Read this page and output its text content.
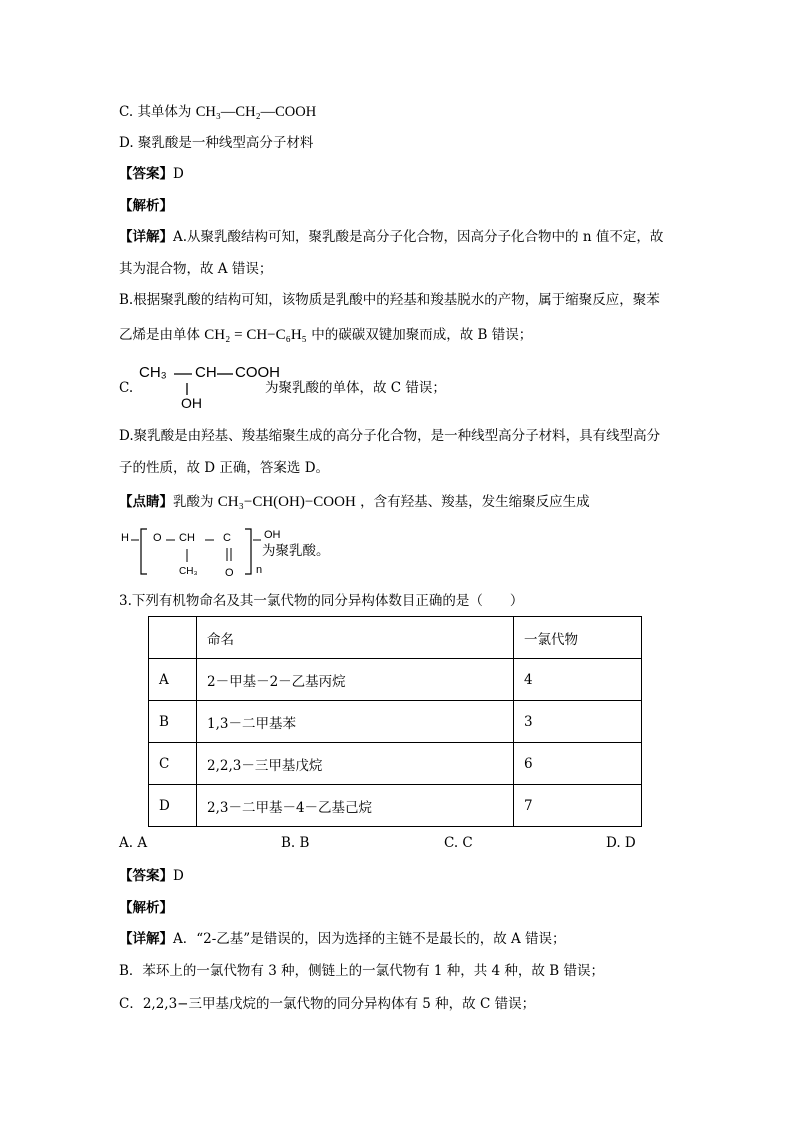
C. 其单体为 CH₃—CH₂—COOH
D. 聚乳酸是一种线型高分子材料
【答案】D
【解析】
【详解】A.从聚乳酸结构可知，聚乳酸是高分子化合物，因高分子化合物中的 n 值不定，故
其为混合物，故 A 错误；
B.根据聚乳酸的结构可知，该物质是乳酸中的羟基和羧基脱水的产物，属于缩聚反应，聚苯
乙烯是由单体 CH₂ = CH−C₆H₅ 中的碳碳双键加聚而成，故 B 错误；
C.
CH₃ CH COOH
OH
为聚乳酸的单体，故 C 错误；
D.聚乳酸是由羟基、羧基缩聚生成的高分子化合物，是一种线型高分子材料，具有线型高分
子的性质，故 D 正确，答案选 D。
【点睛】乳酸为 CH₃−CH(OH)−COOH ，含有羟基、羧基，发生缩聚反应生成
H O CH	C
CH₃ O n
OH
为聚乳酸。
3.下列有机物命名及其一氯代物的同分异构体数目正确的是（　　）
	命名	一氯代物
A	2－甲基－2－乙基丙烷	4
B	1,3－二甲基苯	3
C	2,2,3－三甲基戊烷	6
D	2,3－二甲基－4－乙基己烷	7
A. A	B. B	C. C	D. D
【答案】D
【解析】
【详解】A．“2-乙基”是错误的，因为选择的主链不是最长的，故 A 错误；
B．苯环上的一氯代物有 3 种，侧链上的一氯代物有 1 种，共 4 种，故 B 错误；
C．2,2,3−三甲基戊烷的一氯代物的同分异构体有 5 种，故 C 错误；
